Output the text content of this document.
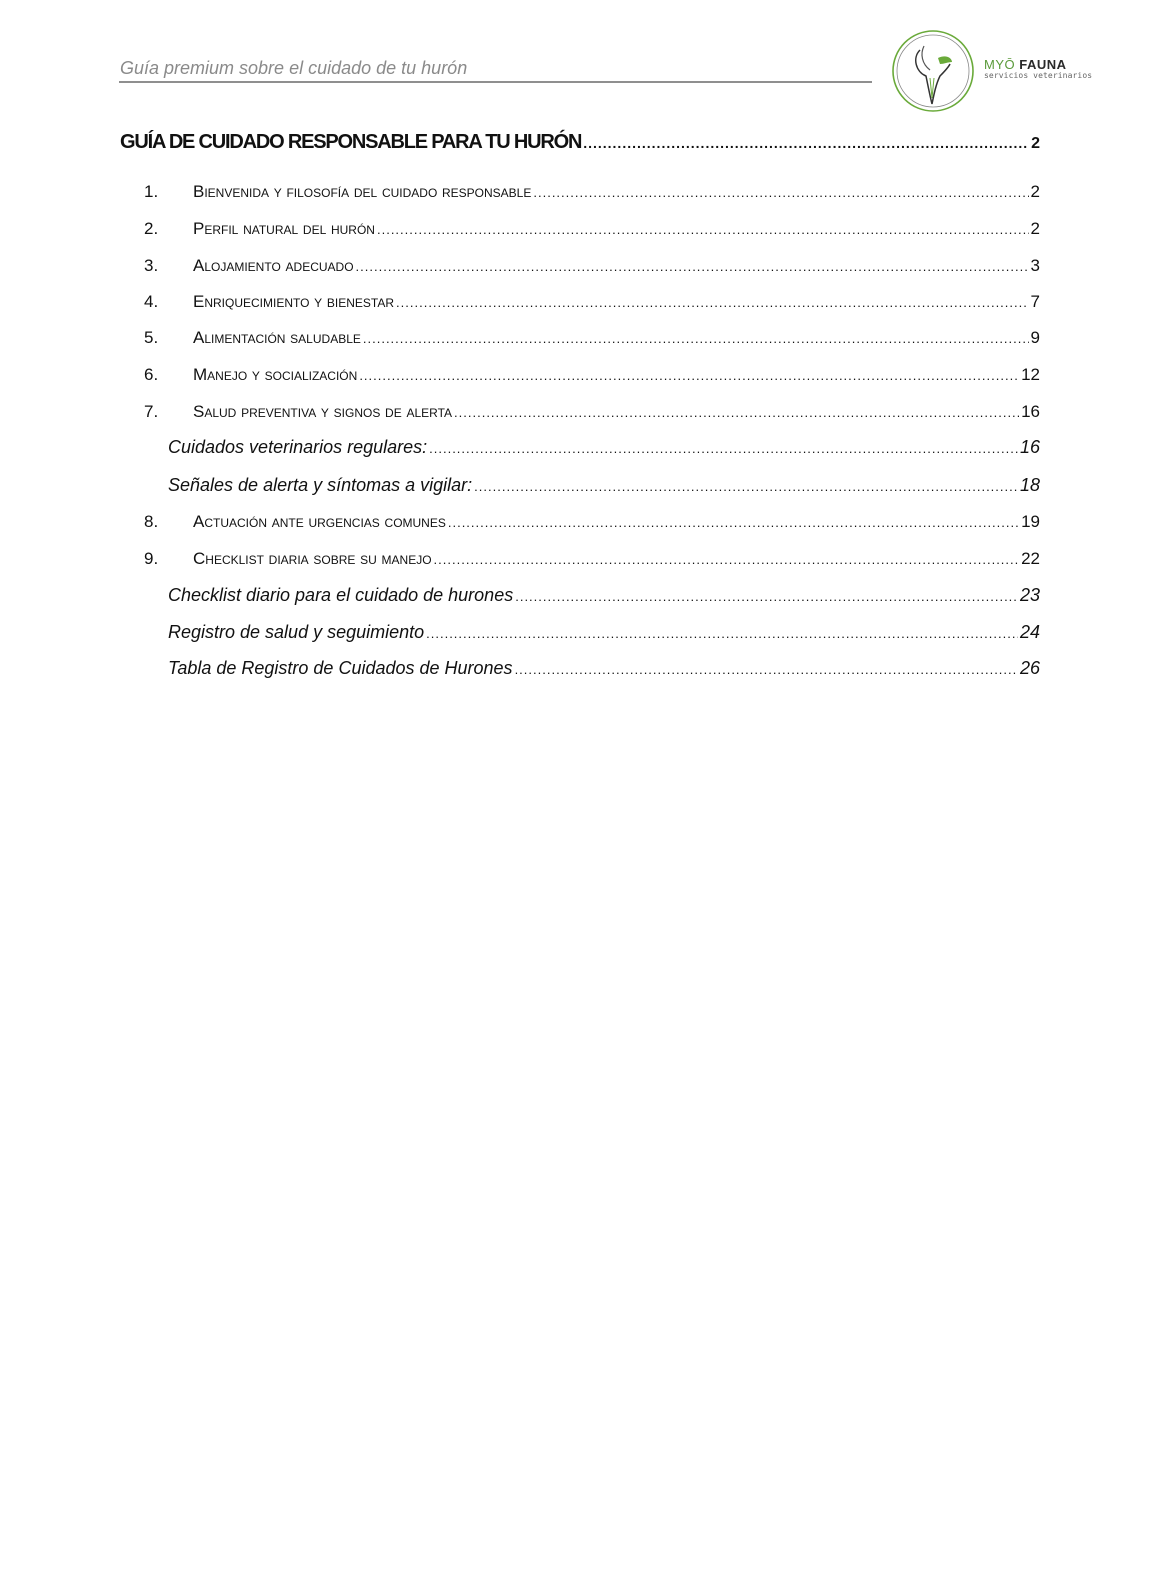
Guía premium sobre el cuidado de tu hurón	MYŌ FAUNA
servicios veterinarios
GUÍA DE CUIDADO RESPONSABLE PARA TU HURÓN .....	2
1.	Bienvenida y filosofía del cuidado responsable .....	2
2.	Perfil natural del hurón .....	2
3.	Alojamiento adecuado .....	3
4.	Enriquecimiento y bienestar .....	7
5.	Alimentación saludable .....	9
6.	Manejo y socialización .....	12
7.	Salud preventiva y signos de alerta .....	16
Cuidados veterinarios regulares: .....	16
Señales de alerta y síntomas a vigilar: .....	18
8.	Actuación ante urgencias comunes .....	19
9.	Checklist diaria sobre su manejo .....	22
Checklist diario para el cuidado de hurones .....	23
Registro de salud y seguimiento .....	24
Tabla de Registro de Cuidados de Hurones .....	26
